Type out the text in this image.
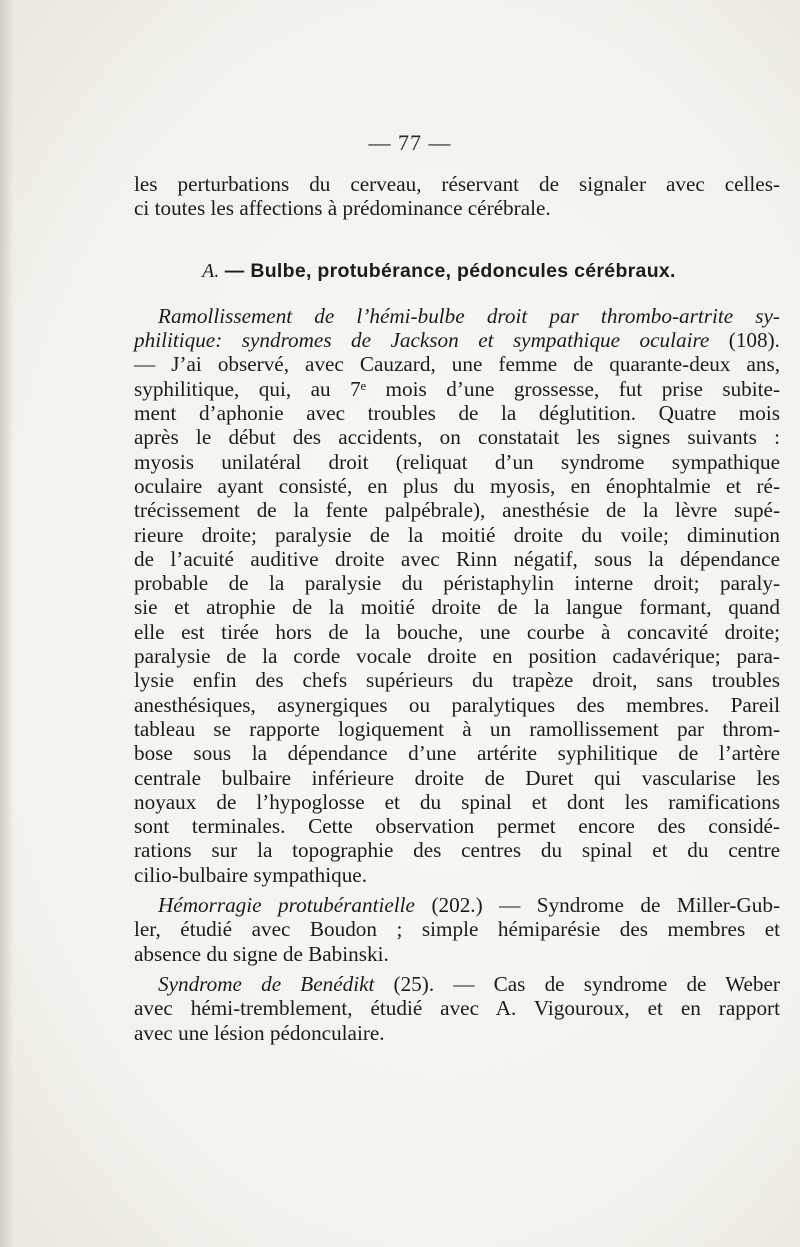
— 77 —

les perturbations du cerveau, réservant de signaler avec celles-
ci toutes les affections à prédominance cérébrale.

A. — Bulbe, protubérance, pédoncules cérébraux.

Ramollissement de l’hémi-bulbe droit par thrombo-artrite sy-
philitique: syndromes de Jackson et sympathique oculaire (108).
— J’ai observé, avec Cauzard, une femme de quarante-deux ans,
syphilitique, qui, au 7ᵉ mois d’une grossesse, fut prise subite-
ment d’aphonie avec troubles de la déglutition. Quatre mois
après le début des accidents, on constatait les signes suivants :
myosis unilatéral droit (reliquat d’un syndrome sympathique
oculaire ayant consisté, en plus du myosis, en énophtalmie et ré-
trécissement de la fente palpébrale), anesthésie de la lèvre supé-
rieure droite; paralysie de la moitié droite du voile; diminution
de l’acuité auditive droite avec Rinn négatif, sous la dépendance
probable de la paralysie du péristaphylin interne droit; paraly-
sie et atrophie de la moitié droite de la langue formant, quand
elle est tirée hors de la bouche, une courbe à concavité droite;
paralysie de la corde vocale droite en position cadavérique; para-
lysie enfin des chefs supérieurs du trapèze droit, sans troubles
anesthésiques, asynergiques ou paralytiques des membres. Pareil
tableau se rapporte logiquement à un ramollissement par throm-
bose sous la dépendance d’une artérite syphilitique de l’artère
centrale bulbaire inférieure droite de Duret qui vascularise les
noyaux de l’hypoglosse et du spinal et dont les ramifications
sont terminales. Cette observation permet encore des considé-
rations sur la topographie des centres du spinal et du centre
cilio-bulbaire sympathique.

Hémorragie protubérantielle (202.) — Syndrome de Miller-Gub-
ler, étudié avec Boudon ; simple hémiparésie des membres et
absence du signe de Babinski.

Syndrome de Benédikt (25). — Cas de syndrome de Weber
avec hémi-tremblement, étudié avec A. Vigouroux, et en rapport
avec une lésion pédonculaire.
